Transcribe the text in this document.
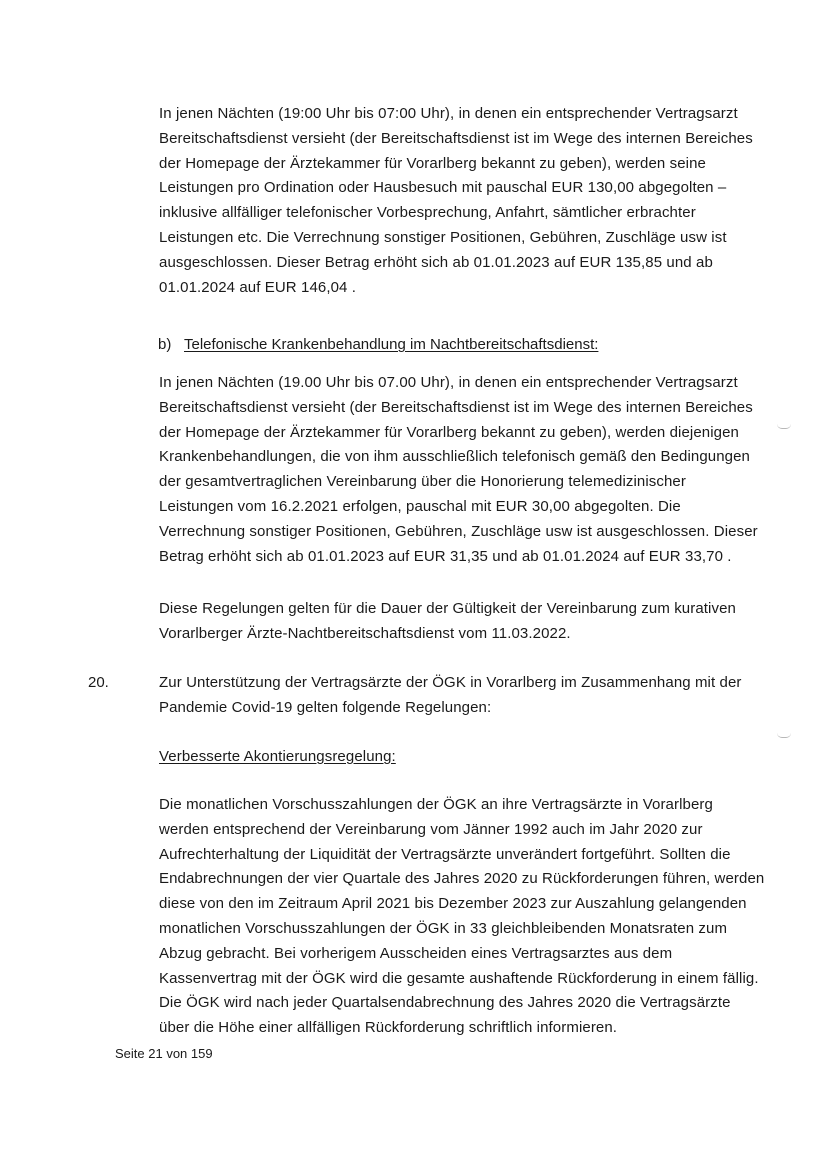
In jenen Nächten (19:00 Uhr bis 07:00 Uhr), in denen ein entsprechender Vertragsarzt
Bereitschaftsdienst versieht (der Bereitschaftsdienst ist im Wege des internen Bereiches
der Homepage der Ärztekammer für Vorarlberg bekannt zu geben), werden seine
Leistungen pro Ordination oder Hausbesuch mit pauschal EUR 130,00 abgegolten –
inklusive allfälliger telefonischer Vorbesprechung, Anfahrt, sämtlicher erbrachter
Leistungen etc. Die Verrechnung sonstiger Positionen, Gebühren, Zuschläge usw ist
ausgeschlossen. Dieser Betrag erhöht sich ab 01.01.2023 auf EUR 135,85 und ab
01.01.2024 auf EUR 146,04 .

b) Telefonische Krankenbehandlung im Nachtbereitschaftsdienst:

In jenen Nächten (19.00 Uhr bis 07.00 Uhr), in denen ein entsprechender Vertragsarzt
Bereitschaftsdienst versieht (der Bereitschaftsdienst ist im Wege des internen Bereiches
der Homepage der Ärztekammer für Vorarlberg bekannt zu geben), werden diejenigen
Krankenbehandlungen, die von ihm ausschließlich telefonisch gemäß den Bedingungen
der gesamtvertraglichen Vereinbarung über die Honorierung telemedizinischer
Leistungen vom 16.2.2021 erfolgen, pauschal mit EUR 30,00 abgegolten. Die
Verrechnung sonstiger Positionen, Gebühren, Zuschläge usw ist ausgeschlossen. Dieser
Betrag erhöht sich ab 01.01.2023 auf EUR 31,35 und ab 01.01.2024 auf EUR 33,70 .

Diese Regelungen gelten für die Dauer der Gültigkeit der Vereinbarung zum kurativen
Vorarlberger Ärzte-Nachtbereitschaftsdienst vom 11.03.2022.

20.	Zur Unterstützung der Vertragsärzte der ÖGK in Vorarlberg im Zusammenhang mit der
Pandemie Covid-19 gelten folgende Regelungen:

Verbesserte Akontierungsregelung:

Die monatlichen Vorschusszahlungen der ÖGK an ihre Vertragsärzte in Vorarlberg
werden entsprechend der Vereinbarung vom Jänner 1992 auch im Jahr 2020 zur
Aufrechterhaltung der Liquidität der Vertragsärzte unverändert fortgeführt. Sollten die
Endabrechnungen der vier Quartale des Jahres 2020 zu Rückforderungen führen, werden
diese von den im Zeitraum April 2021 bis Dezember 2023 zur Auszahlung gelangenden
monatlichen Vorschusszahlungen der ÖGK in 33 gleichbleibenden Monatsraten zum
Abzug gebracht. Bei vorherigem Ausscheiden eines Vertragsarztes aus dem
Kassenvertrag mit der ÖGK wird die gesamte aushaftende Rückforderung in einem fällig.
Die ÖGK wird nach jeder Quartalsendabrechnung des Jahres 2020 die Vertragsärzte
über die Höhe einer allfälligen Rückforderung schriftlich informieren.

Seite 21 von 159
